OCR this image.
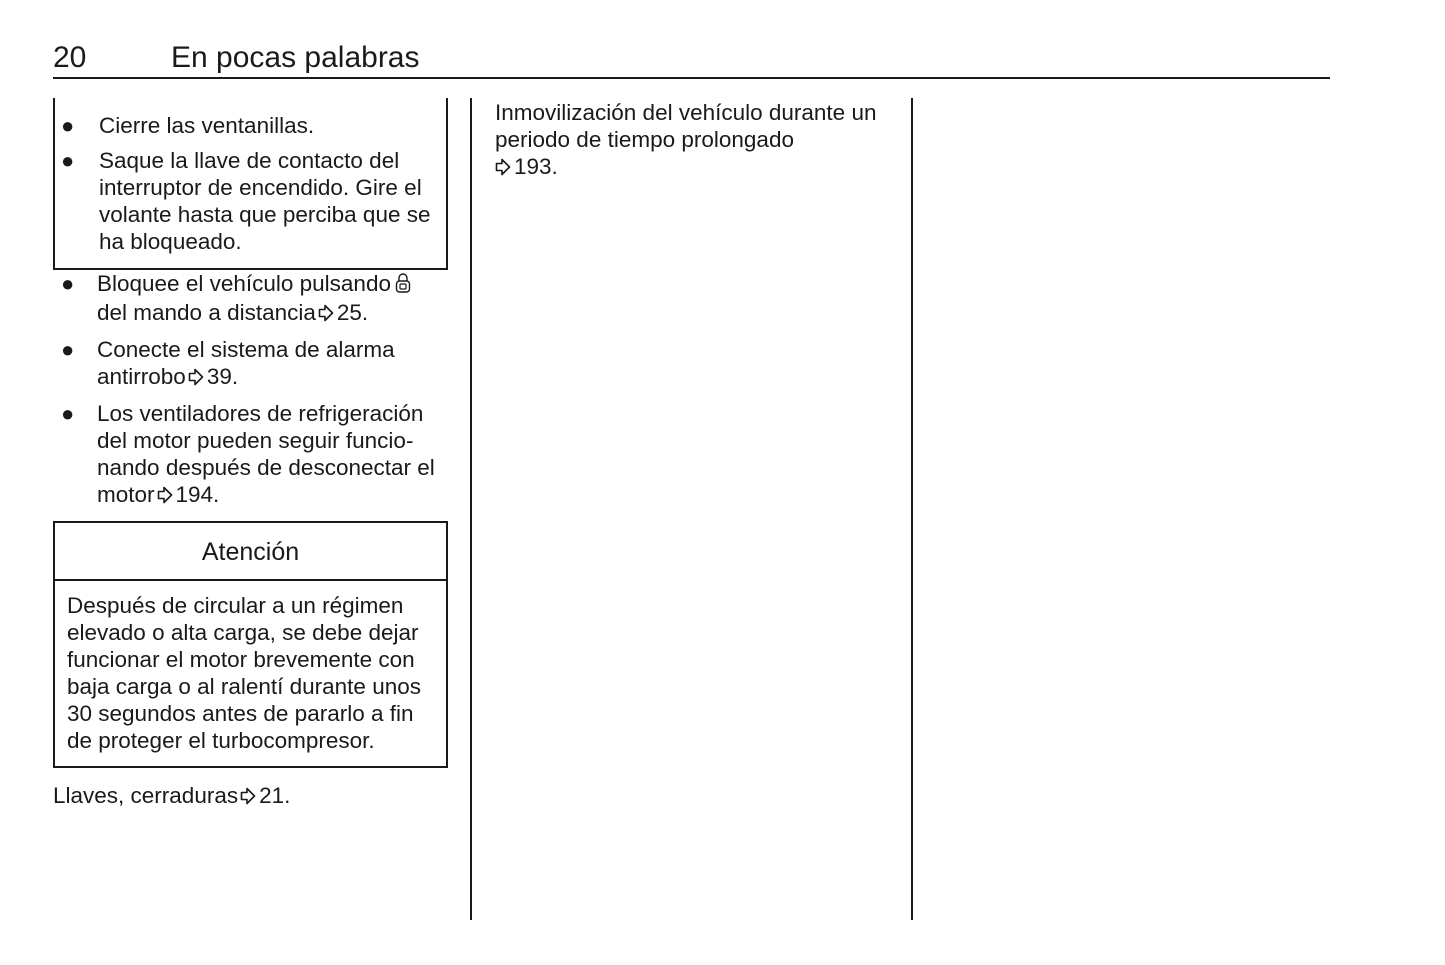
20	En pocas palabras
● Cierre las ventanillas.
● Saque la llave de contacto del interruptor de encendido. Gire el volante hasta que perciba que se ha bloqueado.
● Bloquee el vehículo pulsando
del mando a distancia 25.
● Conecte el sistema de alarma antirrobo 39.
● Los ventiladores de refrigeración del motor pueden seguir funcionando después de desconectar el motor 194.
Atención
Después de circular a un régimen elevado o alta carga, se debe dejar funcionar el motor brevemente con baja carga o al ralentí durante unos 30 segundos antes de pararlo a fin de proteger el turbocompresor.
Llaves, cerraduras 21.
Inmovilización del vehículo durante un periodo de tiempo prolongado
193.
